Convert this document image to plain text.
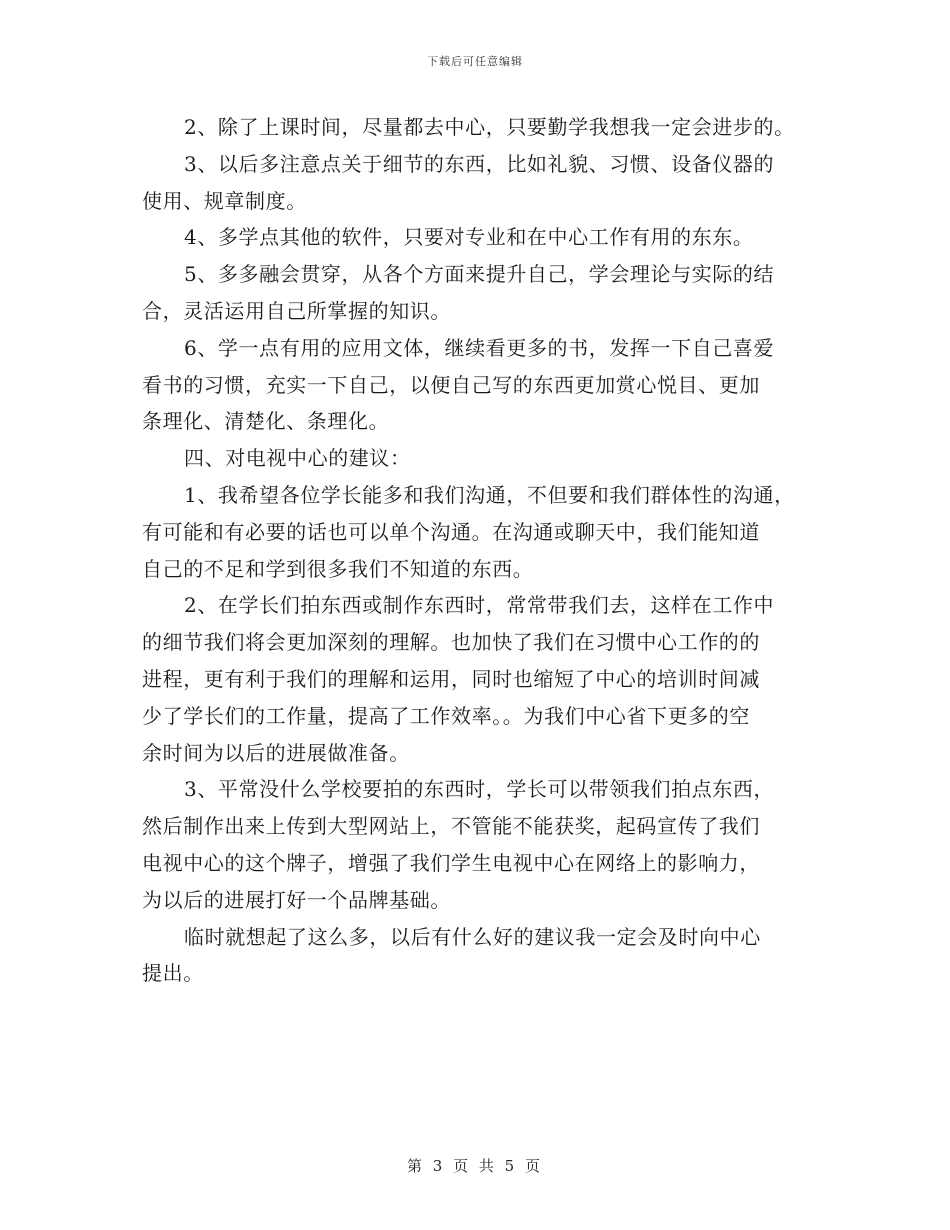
下载后可任意编辑
2、除了上课时间，尽量都去中心，只要勤学我想我一定会进步的。
3、以后多注意点关于细节的东西，比如礼貌、习惯、设备仪器的
使用、规章制度。
4、多学点其他的软件，只要对专业和在中心工作有用的东东。
5、多多融会贯穿，从各个方面来提升自己，学会理论与实际的结
合，灵活运用自己所掌握的知识。
6、学一点有用的应用文体，继续看更多的书，发挥一下自己喜爱
看书的习惯，充实一下自己，以便自己写的东西更加赏心悦目、更加
条理化、清楚化、条理化。
四、对电视中心的建议：
1、我希望各位学长能多和我们沟通，不但要和我们群体性的沟通，
有可能和有必要的话也可以单个沟通。在沟通或聊天中，我们能知道
自己的不足和学到很多我们不知道的东西。
2、在学长们拍东西或制作东西时，常常带我们去，这样在工作中
的细节我们将会更加深刻的理解。也加快了我们在习惯中心工作的的
进程，更有利于我们的理解和运用，同时也缩短了中心的培训时间减
少了学长们的工作量，提高了工作效率。。为我们中心省下更多的空
余时间为以后的进展做准备。
3、平常没什么学校要拍的东西时，学长可以带领我们拍点东西，
然后制作出来上传到大型网站上，不管能不能获奖，起码宣传了我们
电视中心的这个牌子，增强了我们学生电视中心在网络上的影响力，
为以后的进展打好一个品牌基础。
临时就想起了这么多，以后有什么好的建议我一定会及时向中心
提出。
第 3 页 共 5 页
